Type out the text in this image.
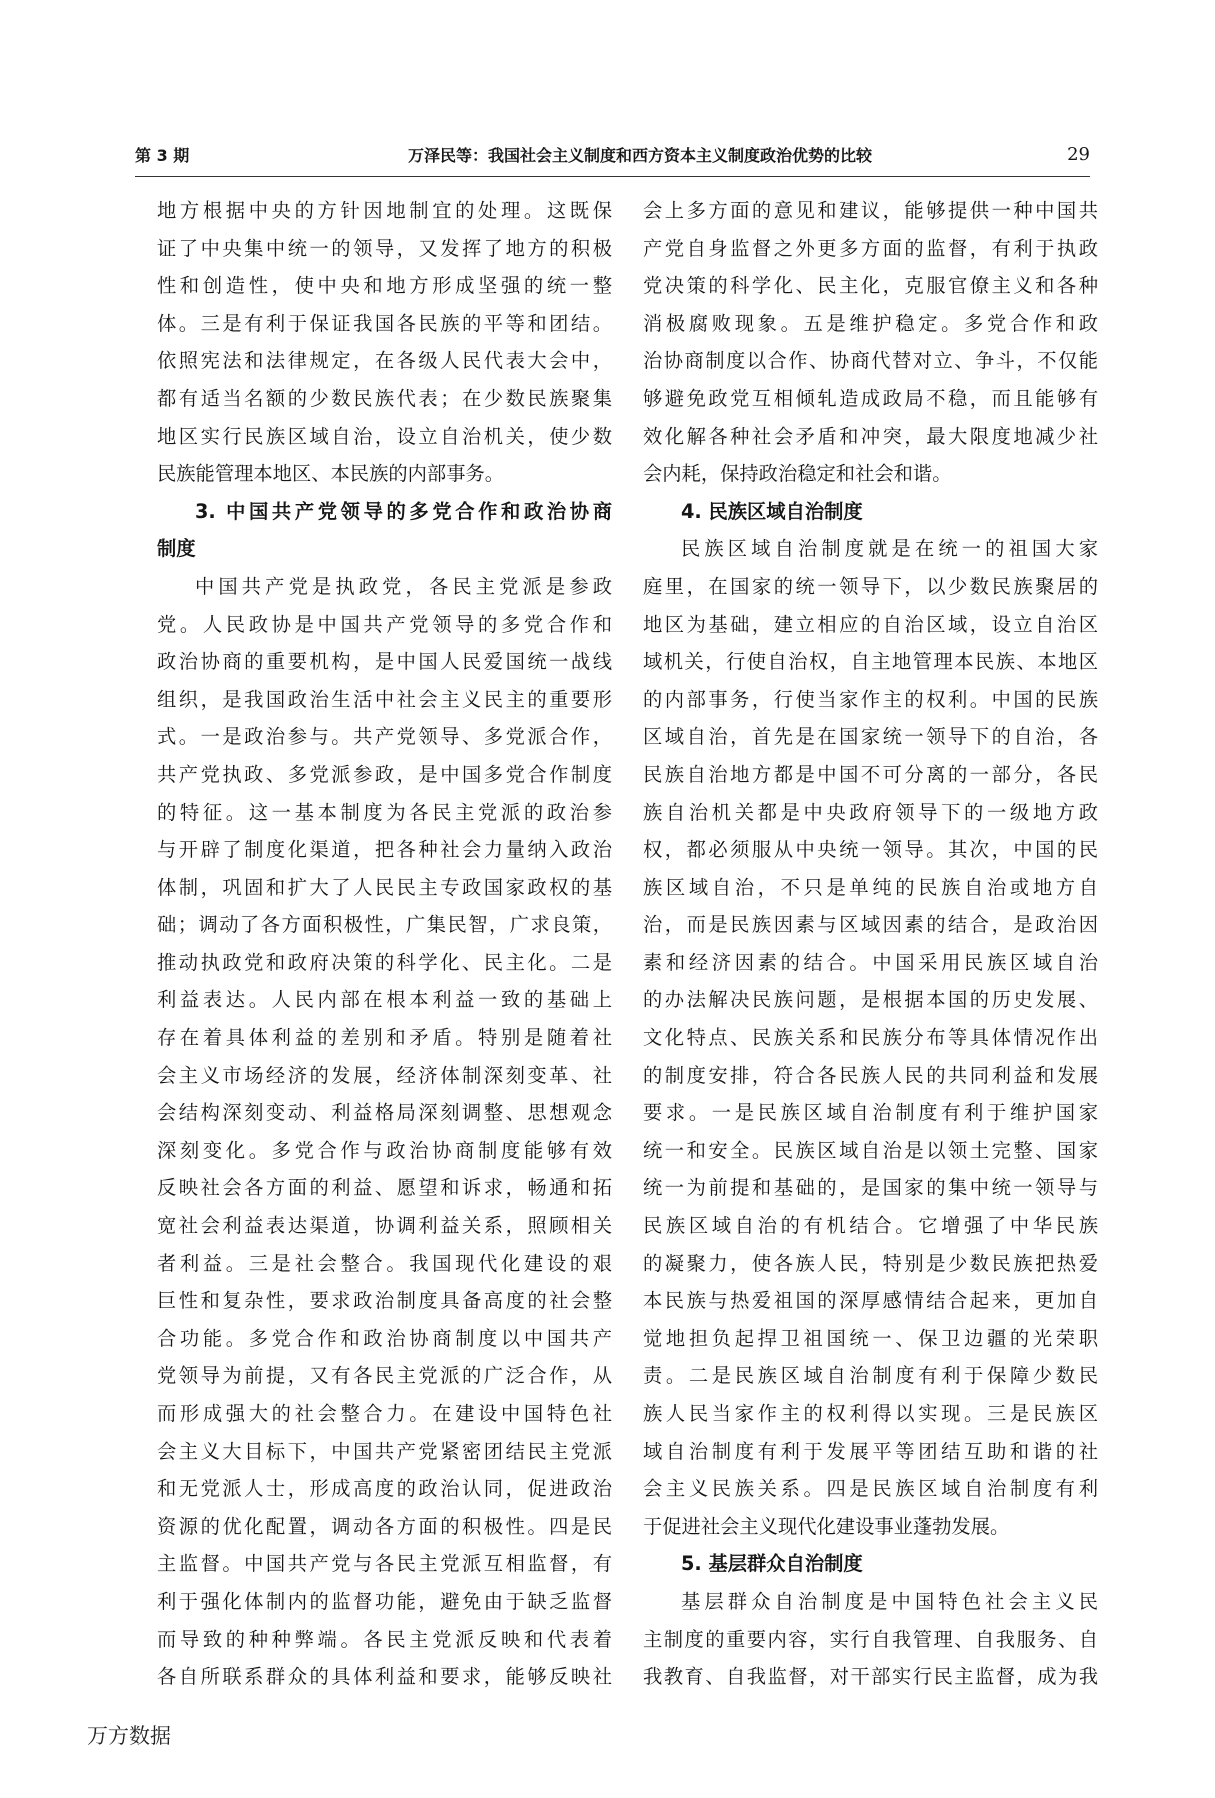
第 3 期	万泽民等：我国社会主义制度和西方资本主义制度政治优势的比较	29
地方根据中央的方针因地制宜的处理。这既保
证了中央集中统一的领导，又发挥了地方的积极
性和创造性，使中央和地方形成坚强的统一整
体。三是有利于保证我国各民族的平等和团结。
依照宪法和法律规定，在各级人民代表大会中，
都有适当名额的少数民族代表；在少数民族聚集
地区实行民族区域自治，设立自治机关，使少数
民族能管理本地区、本民族的内部事务。
3. 中国共产党领导的多党合作和政治协商
制度
中国共产党是执政党，各民主党派是参政
党。人民政协是中国共产党领导的多党合作和
政治协商的重要机构，是中国人民爱国统一战线
组织，是我国政治生活中社会主义民主的重要形
式。一是政治参与。共产党领导、多党派合作，
共产党执政、多党派参政，是中国多党合作制度
的特征。这一基本制度为各民主党派的政治参
与开辟了制度化渠道，把各种社会力量纳入政治
体制，巩固和扩大了人民民主专政国家政权的基
础；调动了各方面积极性，广集民智，广求良策，
推动执政党和政府决策的科学化、民主化。二是
利益表达。人民内部在根本利益一致的基础上
存在着具体利益的差别和矛盾。特别是随着社
会主义市场经济的发展，经济体制深刻变革、社
会结构深刻变动、利益格局深刻调整、思想观念
深刻变化。多党合作与政治协商制度能够有效
反映社会各方面的利益、愿望和诉求，畅通和拓
宽社会利益表达渠道，协调利益关系，照顾相关
者利益。三是社会整合。我国现代化建设的艰
巨性和复杂性，要求政治制度具备高度的社会整
合功能。多党合作和政治协商制度以中国共产
党领导为前提，又有各民主党派的广泛合作，从
而形成强大的社会整合力。在建设中国特色社
会主义大目标下，中国共产党紧密团结民主党派
和无党派人士，形成高度的政治认同，促进政治
资源的优化配置，调动各方面的积极性。四是民
主监督。中国共产党与各民主党派互相监督，有
利于强化体制内的监督功能，避免由于缺乏监督
而导致的种种弊端。各民主党派反映和代表着
各自所联系群众的具体利益和要求，能够反映社
会上多方面的意见和建议，能够提供一种中国共
产党自身监督之外更多方面的监督，有利于执政
党决策的科学化、民主化，克服官僚主义和各种
消极腐败现象。五是维护稳定。多党合作和政
治协商制度以合作、协商代替对立、争斗，不仅能
够避免政党互相倾轧造成政局不稳，而且能够有
效化解各种社会矛盾和冲突，最大限度地减少社
会内耗，保持政治稳定和社会和谐。
4. 民族区域自治制度
民族区域自治制度就是在统一的祖国大家
庭里，在国家的统一领导下，以少数民族聚居的
地区为基础，建立相应的自治区域，设立自治区
域机关，行使自治权，自主地管理本民族、本地区
的内部事务，行使当家作主的权利。中国的民族
区域自治，首先是在国家统一领导下的自治，各
民族自治地方都是中国不可分离的一部分，各民
族自治机关都是中央政府领导下的一级地方政
权，都必须服从中央统一领导。其次，中国的民
族区域自治，不只是单纯的民族自治或地方自
治，而是民族因素与区域因素的结合，是政治因
素和经济因素的结合。中国采用民族区域自治
的办法解决民族问题，是根据本国的历史发展、
文化特点、民族关系和民族分布等具体情况作出
的制度安排，符合各民族人民的共同利益和发展
要求。一是民族区域自治制度有利于维护国家
统一和安全。民族区域自治是以领土完整、国家
统一为前提和基础的，是国家的集中统一领导与
民族区域自治的有机结合。它增强了中华民族
的凝聚力，使各族人民，特别是少数民族把热爱
本民族与热爱祖国的深厚感情结合起来，更加自
觉地担负起捍卫祖国统一、保卫边疆的光荣职
责。二是民族区域自治制度有利于保障少数民
族人民当家作主的权利得以实现。三是民族区
域自治制度有利于发展平等团结互助和谐的社
会主义民族关系。四是民族区域自治制度有利
于促进社会主义现代化建设事业蓬勃发展。
5. 基层群众自治制度
基层群众自治制度是中国特色社会主义民
主制度的重要内容，实行自我管理、自我服务、自
我教育、自我监督，对干部实行民主监督，成为我
万方数据
